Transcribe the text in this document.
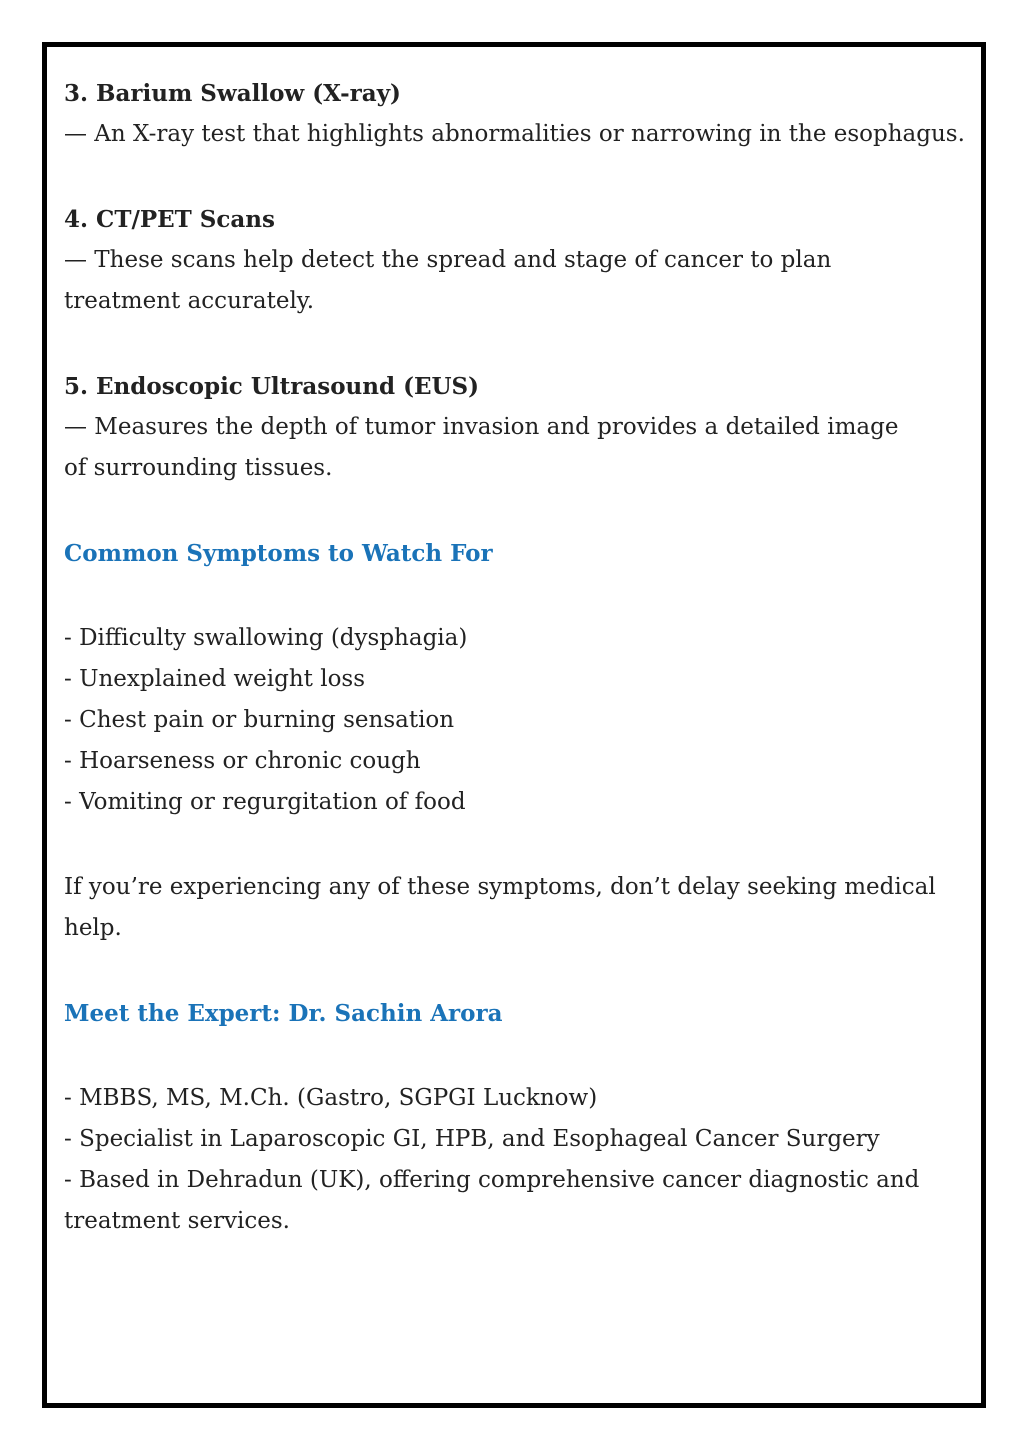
3. Barium Swallow (X-ray)

— An X-ray test that highlights abnormalities or narrowing in the esophagus.

4. CT/PET Scans

— These scans help detect the spread and stage of cancer to plan treatment accurately.

5. Endoscopic Ultrasound (EUS)

— Measures the depth of tumor invasion and provides a detailed image of surrounding tissues.

Common Symptoms to Watch For
- Difficulty swallowing (dysphagia)
- Unexplained weight loss
- Chest pain or burning sensation
- Hoarseness or chronic cough
- Vomiting or regurgitation of food

If you’re experiencing any of these symptoms, don’t delay seeking medical help.

Meet the Expert: Dr. Sachin Arora
- MBBS, MS, M.Ch. (Gastro, SGPGI Lucknow)
- Specialist in Laparoscopic GI, HPB, and Esophageal Cancer Surgery
- Based in Dehradun (UK), offering comprehensive cancer diagnostic and treatment services.
